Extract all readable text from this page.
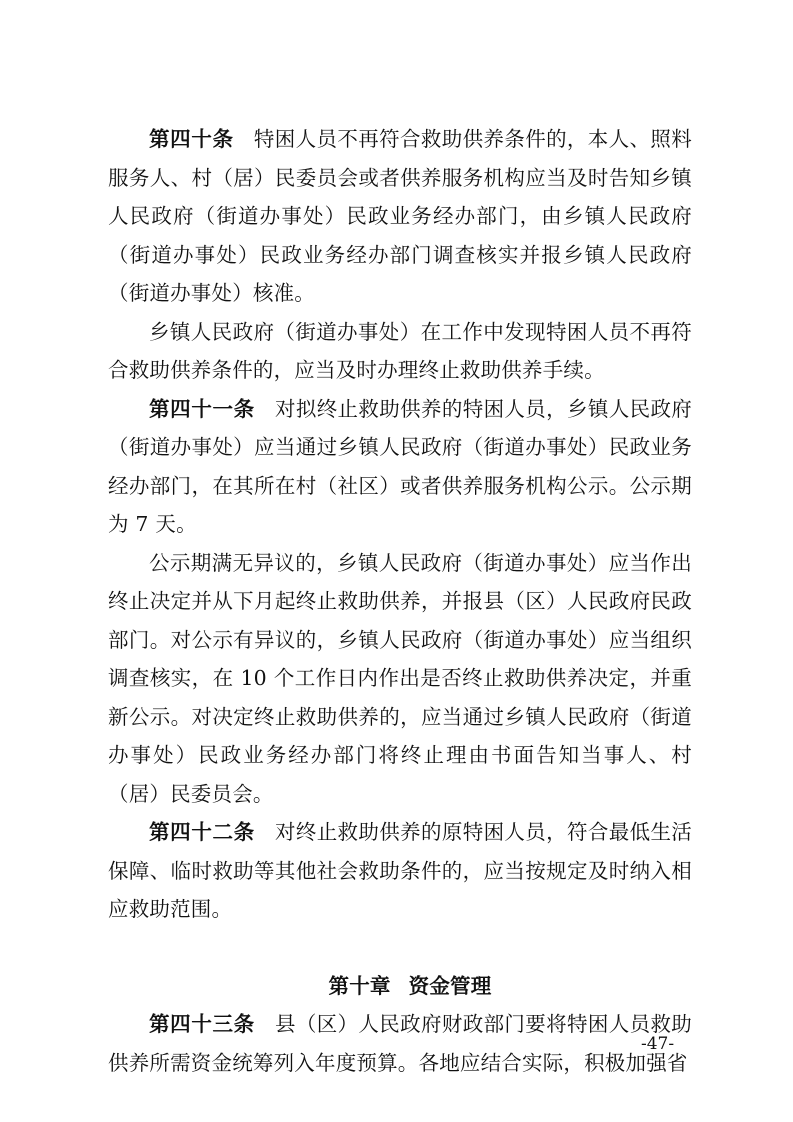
第四十条 特困人员不再符合救助供养条件的，本人、照料服务人、村（居）民委员会或者供养服务机构应当及时告知乡镇人民政府（街道办事处）民政业务经办部门，由乡镇人民政府（街道办事处）民政业务经办部门调查核实并报乡镇人民政府（街道办事处）核准。

乡镇人民政府（街道办事处）在工作中发现特困人员不再符合救助供养条件的，应当及时办理终止救助供养手续。

第四十一条 对拟终止救助供养的特困人员，乡镇人民政府（街道办事处）应当通过乡镇人民政府（街道办事处）民政业务经办部门，在其所在村（社区）或者供养服务机构公示。公示期为 7 天。

公示期满无异议的，乡镇人民政府（街道办事处）应当作出终止决定并从下月起终止救助供养，并报县（区）人民政府民政部门。对公示有异议的，乡镇人民政府（街道办事处）应当组织调查核实，在 10 个工作日内作出是否终止救助供养决定，并重新公示。对决定终止救助供养的，应当通过乡镇人民政府（街道办事处）民政业务经办部门将终止理由书面告知当事人、村（居）民委员会。

第四十二条 对终止救助供养的原特困人员，符合最低生活保障、临时救助等其他社会救助条件的，应当按规定及时纳入相应救助范围。

第十章 资金管理

第四十三条 县（区）人民政府财政部门要将特困人员救助供养所需资金统筹列入年度预算。各地应结合实际，积极加强省

-47-
